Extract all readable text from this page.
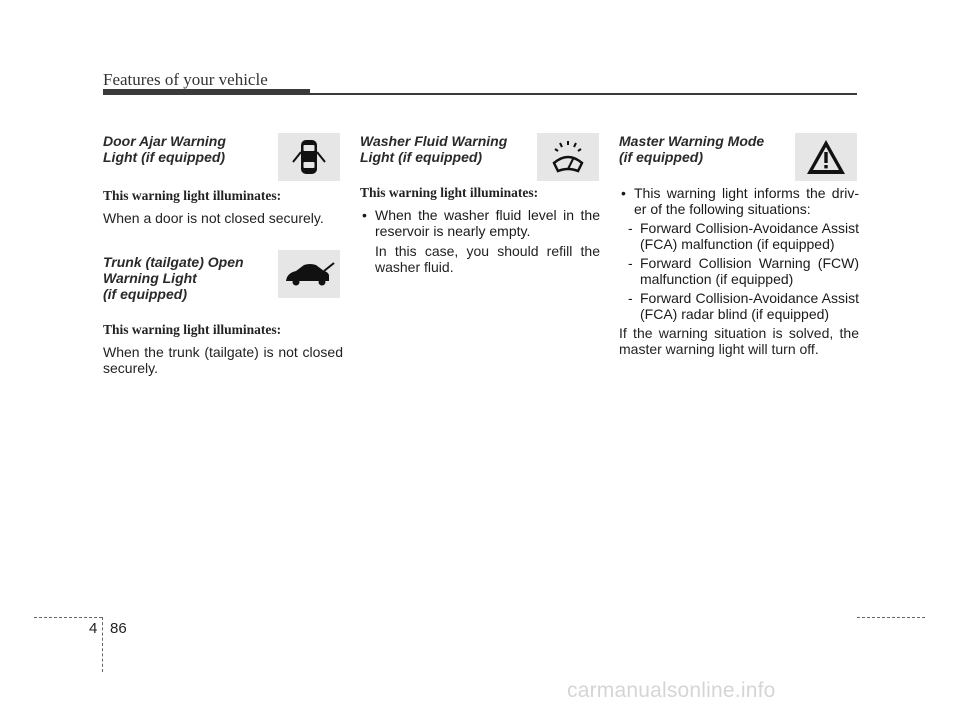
Features of your vehicle
Door Ajar Warning
Light (if equipped)
This warning light illuminates:
When a door is not closed securely.
Trunk (tailgate) Open
Warning Light
(if equipped)
This warning light illuminates:
When the trunk (tailgate) is not closed securely.
Washer Fluid Warning
Light (if equipped)
This warning light illuminates:
• When the washer fluid level in the reservoir is nearly empty.
In this case, you should refill the washer fluid.
Master Warning Mode
(if equipped)
• This warning light informs the driv-er of the following situations:
- Forward Collision-Avoidance Assist (FCA) malfunction (if equipped)
- Forward Collision Warning (FCW) malfunction (if equipped)
- Forward Collision-Avoidance Assist (FCA) radar blind (if equipped)
If the warning situation is solved, the master warning light will turn off.
4 86
carmanualsonline.info
